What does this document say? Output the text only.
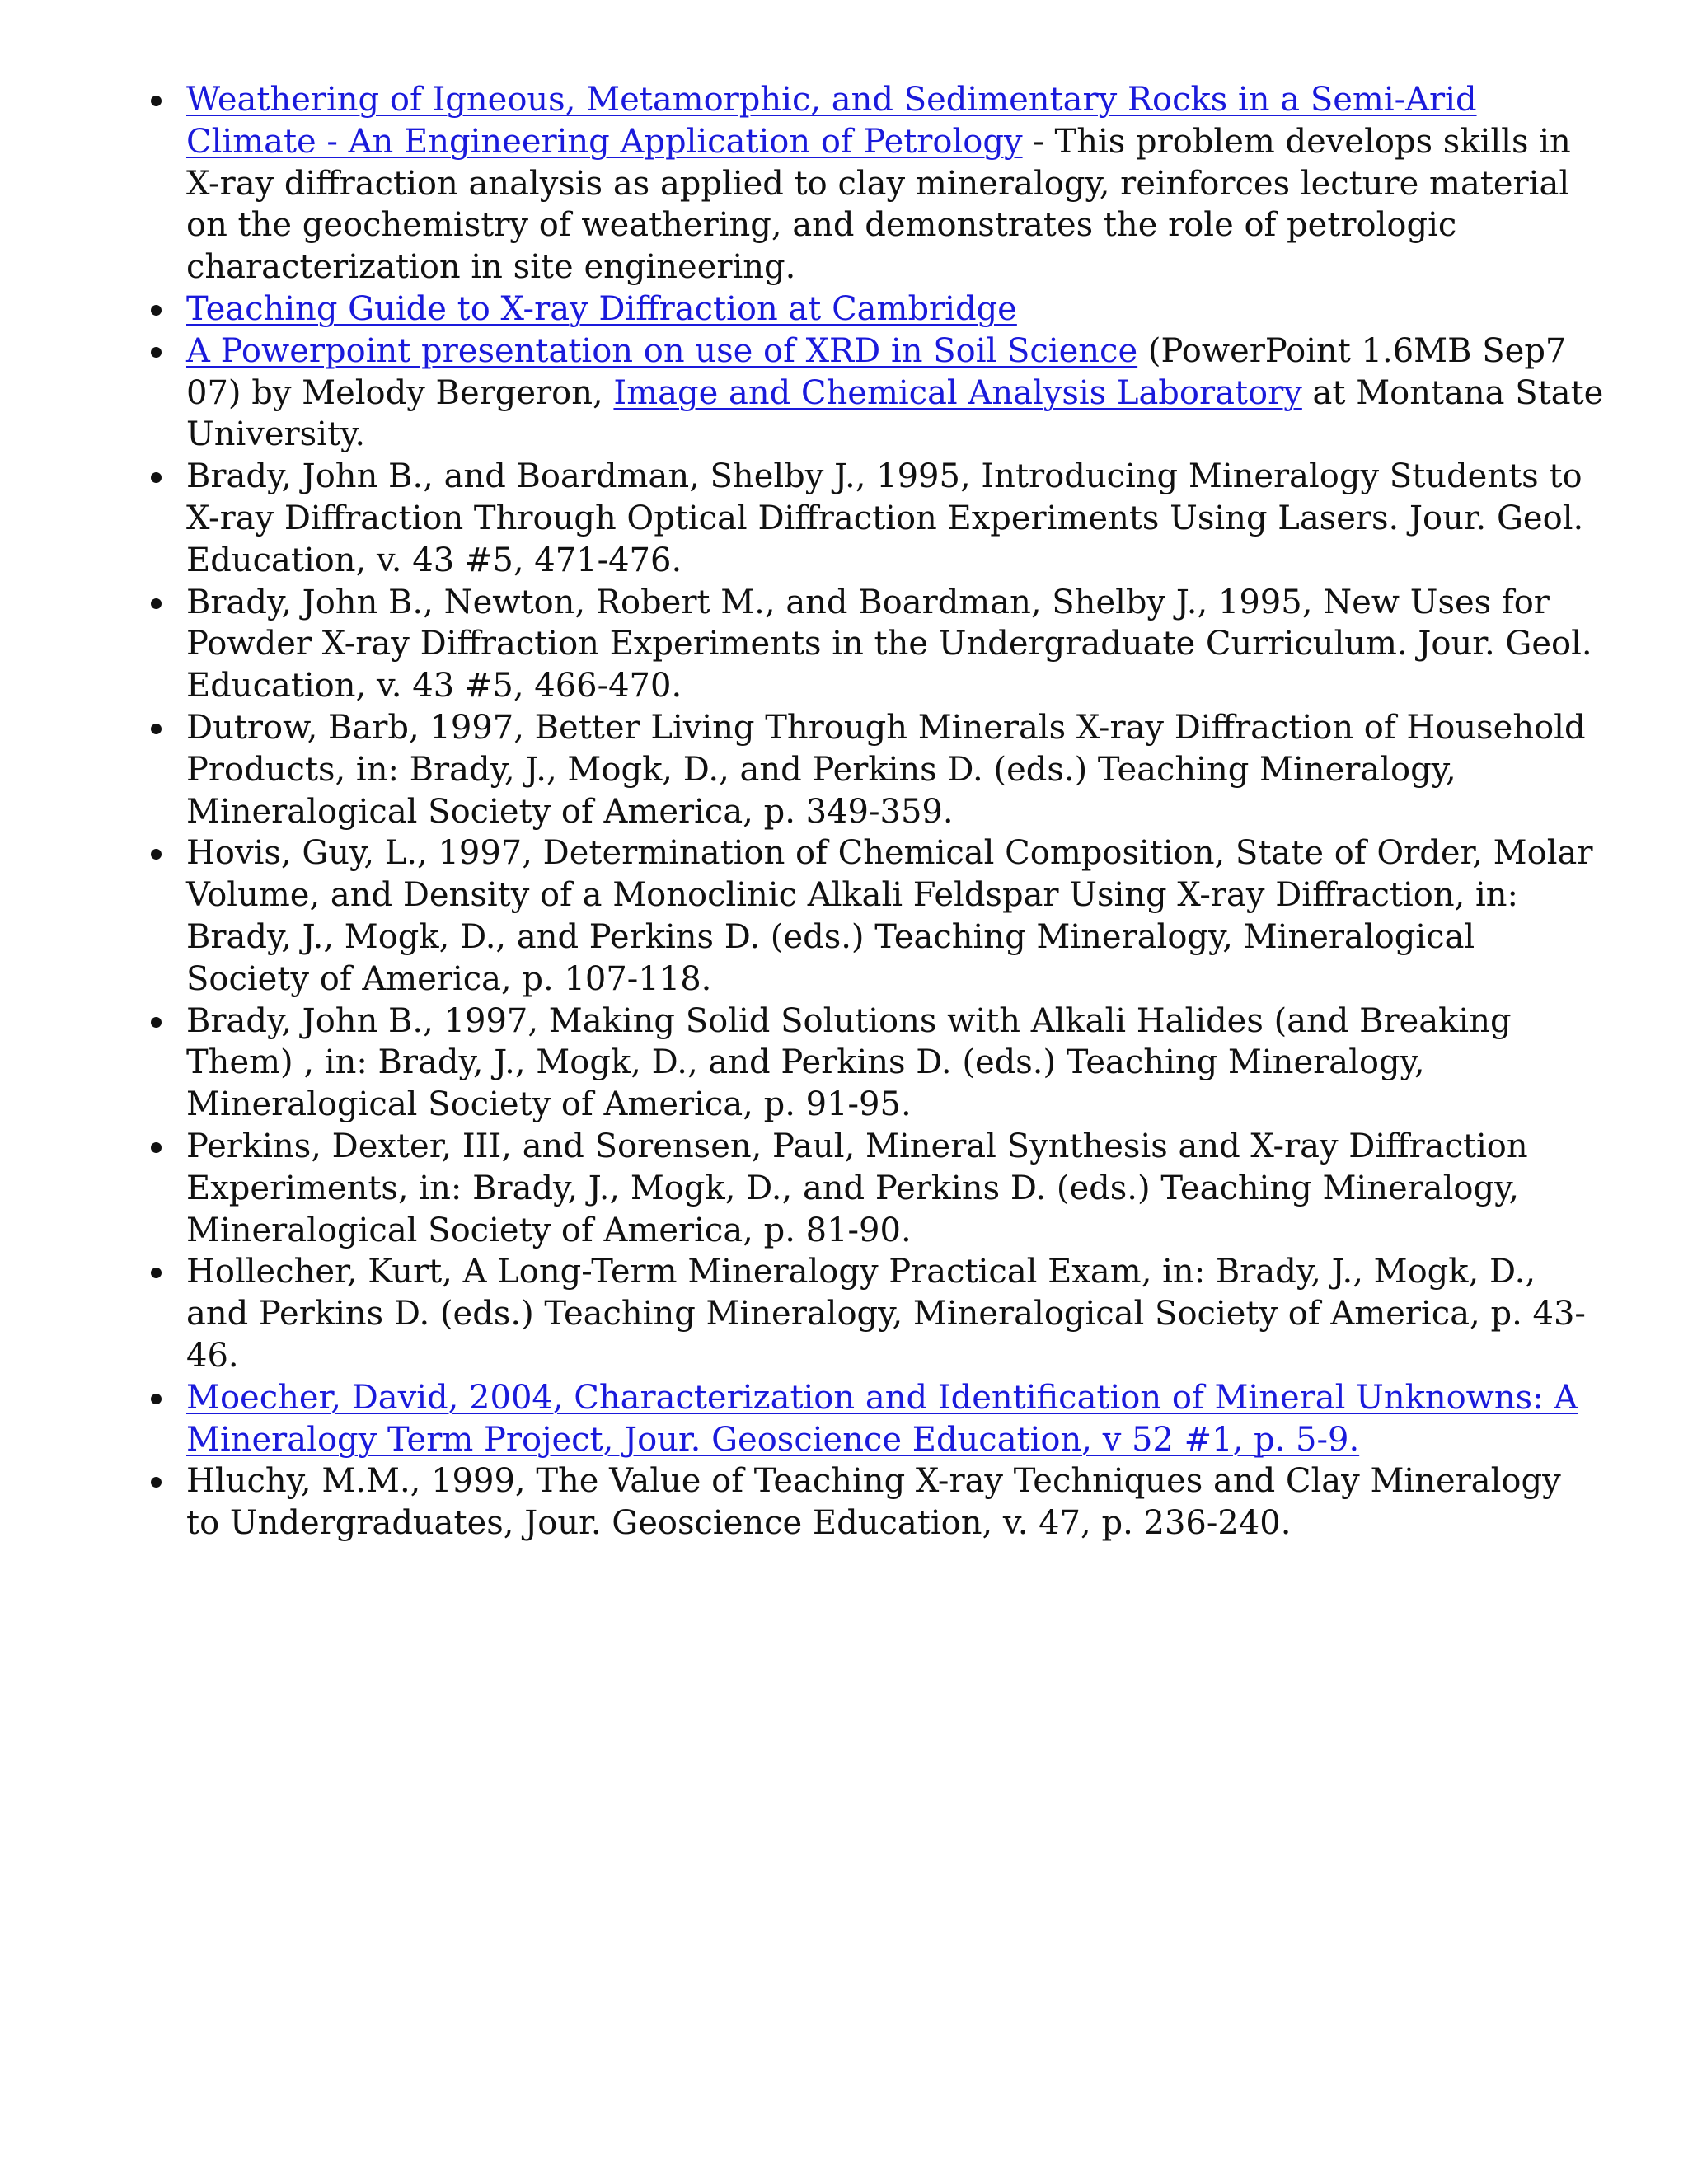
Weathering of Igneous, Metamorphic, and Sedimentary Rocks in a Semi-Arid Climate - An Engineering Application of Petrology - This problem develops skills in X-ray diffraction analysis as applied to clay mineralogy, reinforces lecture material on the geochemistry of weathering, and demonstrates the role of petrologic characterization in site engineering.
Teaching Guide to X-ray Diffraction at Cambridge
A Powerpoint presentation on use of XRD in Soil Science (PowerPoint 1.6MB Sep7 07) by Melody Bergeron, Image and Chemical Analysis Laboratory at Montana State University.
Brady, John B., and Boardman, Shelby J., 1995, Introducing Mineralogy Students to X-ray Diffraction Through Optical Diffraction Experiments Using Lasers. Jour. Geol. Education, v. 43 #5, 471-476.
Brady, John B., Newton, Robert M., and Boardman, Shelby J., 1995, New Uses for Powder X-ray Diffraction Experiments in the Undergraduate Curriculum. Jour. Geol. Education, v. 43 #5, 466-470.
Dutrow, Barb, 1997, Better Living Through Minerals X-ray Diffraction of Household Products, in: Brady, J., Mogk, D., and Perkins D. (eds.) Teaching Mineralogy, Mineralogical Society of America, p. 349-359.
Hovis, Guy, L., 1997, Determination of Chemical Composition, State of Order, Molar Volume, and Density of a Monoclinic Alkali Feldspar Using X-ray Diffraction, in: Brady, J., Mogk, D., and Perkins D. (eds.) Teaching Mineralogy, Mineralogical Society of America, p. 107-118.
Brady, John B., 1997, Making Solid Solutions with Alkali Halides (and Breaking Them) , in: Brady, J., Mogk, D., and Perkins D. (eds.) Teaching Mineralogy, Mineralogical Society of America, p. 91-95.
Perkins, Dexter, III, and Sorensen, Paul, Mineral Synthesis and X-ray Diffraction Experiments, in: Brady, J., Mogk, D., and Perkins D. (eds.) Teaching Mineralogy, Mineralogical Society of America, p. 81-90.
Hollecher, Kurt, A Long-Term Mineralogy Practical Exam, in: Brady, J., Mogk, D., and Perkins D. (eds.) Teaching Mineralogy, Mineralogical Society of America, p. 43-46.
Moecher, David, 2004, Characterization and Identification of Mineral Unknowns: A Mineralogy Term Project, Jour. Geoscience Education, v 52 #1, p. 5-9.
Hluchy, M.M., 1999, The Value of Teaching X-ray Techniques and Clay Mineralogy to Undergraduates, Jour. Geoscience Education, v. 47, p. 236-240.
